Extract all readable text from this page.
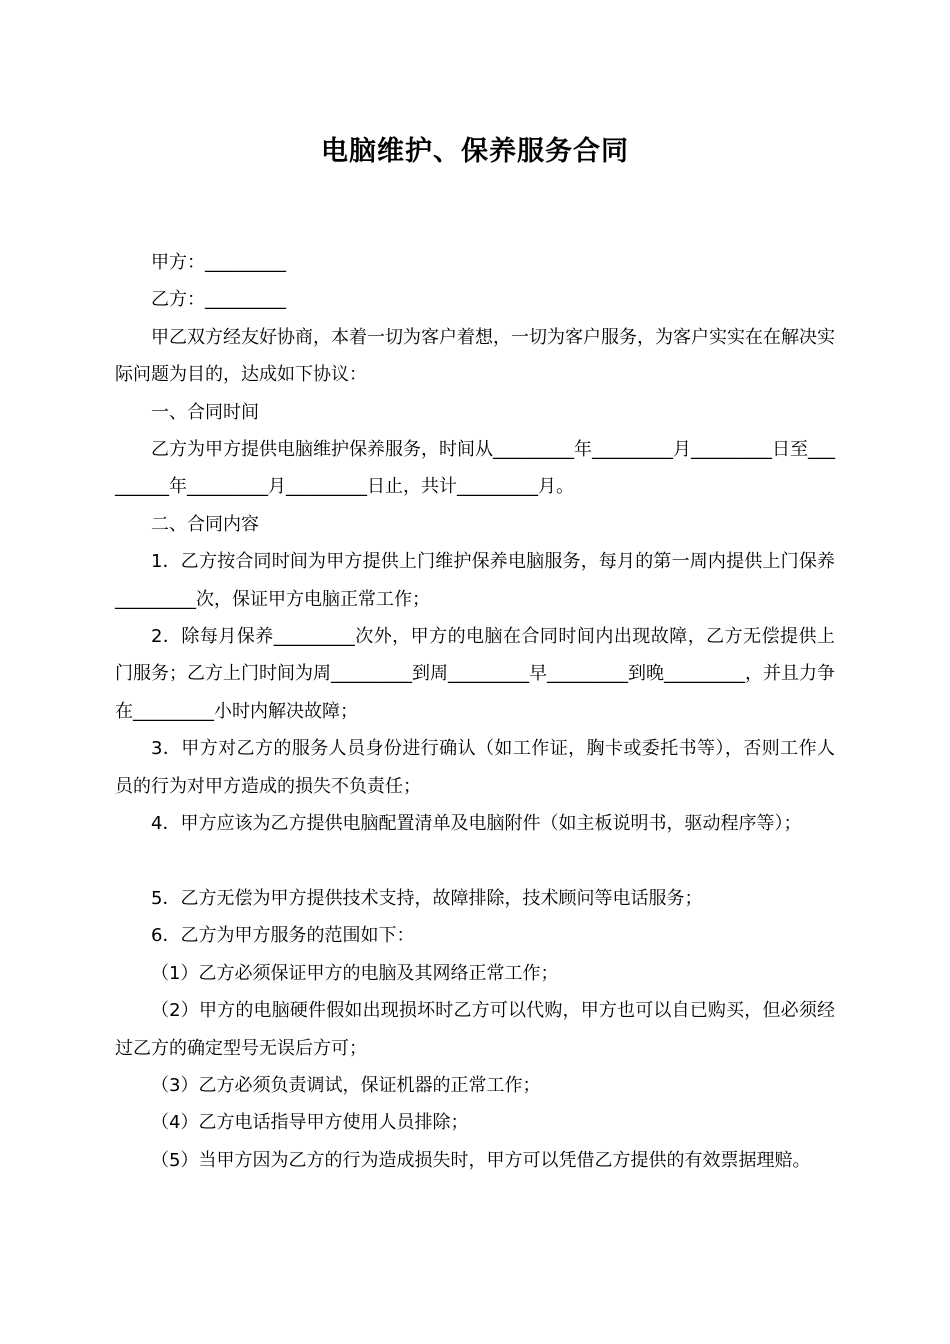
电脑维护、保养服务合同

甲方：_________

乙方：_________

甲乙双方经友好协商，本着一切为客户着想，一切为客户服务，为客户实实在在解决实际问题为目的，达成如下协议：

一、合同时间

乙方为甲方提供电脑维护保养服务，时间从_________年_________月_________日至_________年_________月_________日止，共计_________月。

二、合同内容

1．乙方按合同时间为甲方提供上门维护保养电脑服务，每月的第一周内提供上门保养_________次，保证甲方电脑正常工作；

2．除每月保养_________次外，甲方的电脑在合同时间内出现故障，乙方无偿提供上门服务；乙方上门时间为周_________到周_________早_________到晚_________，并且力争在_________小时内解决故障；

3．甲方对乙方的服务人员身份进行确认（如工作证，胸卡或委托书等），否则工作人员的行为对甲方造成的损失不负责任；

4．甲方应该为乙方提供电脑配置清单及电脑附件（如主板说明书，驱动程序等）；

5．乙方无偿为甲方提供技术支持，故障排除，技术顾问等电话服务；

6．乙方为甲方服务的范围如下：

（1）乙方必须保证甲方的电脑及其网络正常工作；

（2）甲方的电脑硬件假如出现损坏时乙方可以代购，甲方也可以自已购买，但必须经过乙方的确定型号无误后方可；

（3）乙方必须负责调试，保证机器的正常工作；

（4）乙方电话指导甲方使用人员排除；

（5）当甲方因为乙方的行为造成损失时，甲方可以凭借乙方提供的有效票据理赔。
